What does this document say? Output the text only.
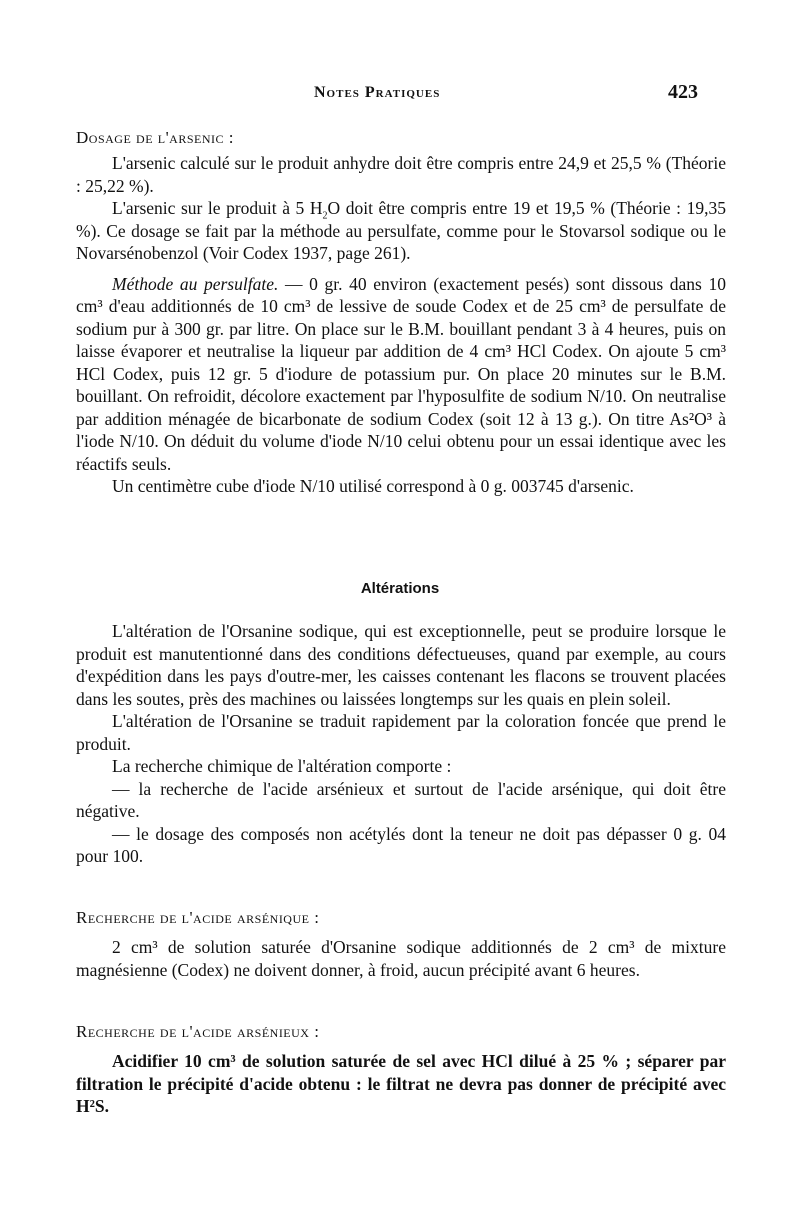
Notes Pratiques	423
Dosage de l'arsenic :

L'arsenic calculé sur le produit anhydre doit être compris entre 24,9 et 25,5 % (Théorie : 25,22 %).

L'arsenic sur le produit à 5 $H_2O$ doit être compris entre 19 et 19,5 % (Théorie : 19,35 %). Ce dosage se fait par la méthode au persulfate, comme pour le Stovarsol sodique ou le Novarsénobenzol (Voir Codex 1937, page 261).

Méthode au persulfate. — 0 gr. 40 environ (exactement pesés) sont dissous dans 10 cm³ d'eau additionnés de 10 cm³ de lessive de soude Codex et de 25 cm³ de persulfate de sodium pur à 300 gr. par litre. On place sur le B.M. bouillant pendant 3 à 4 heures, puis on laisse évaporer et neutralise la liqueur par addition de 4 cm³ HCl Codex. On ajoute 5 cm³ HCl Codex, puis 12 gr. 5 d'iodure de potassium pur. On place 20 minutes sur le B.M. bouillant. On refroidit, décolore exactement par l'hyposulfite de sodium N/10. On neutralise par addition ménagée de bicarbonate de sodium Codex (soit 12 à 13 g.). On titre As²O³ à l'iode N/10. On déduit du volume d'iode N/10 celui obtenu pour un essai identique avec les réactifs seuls.

Un centimètre cube d'iode N/10 utilisé correspond à 0 g. 003745 d'arsenic.

Altérations

L'altération de l'Orsanine sodique, qui est exceptionnelle, peut se produire lorsque le produit est manutentionné dans des conditions défectueuses, quand par exemple, au cours d'expédition dans les pays d'outre-mer, les caisses contenant les flacons se trouvent placées dans les soutes, près des machines ou laissées longtemps sur les quais en plein soleil.

L'altération de l'Orsanine se traduit rapidement par la coloration foncée que prend le produit.

La recherche chimique de l'altération comporte :

— la recherche de l'acide arsénieux et surtout de l'acide arsénique, qui doit être négative.

— le dosage des composés non acétylés dont la teneur ne doit pas dépasser 0 g. 04 pour 100.

Recherche de l'acide arsénique :

2 cm³ de solution saturée d'Orsanine sodique additionnés de 2 cm³ de mixture magnésienne (Codex) ne doivent donner, à froid, aucun précipité avant 6 heures.

Recherche de l'acide arsénieux :

Acidifier 10 cm³ de solution saturée de sel avec HCl dilué à 25 % ; séparer par filtration le précipité d'acide obtenu : le filtrat ne devra pas donner de précipité avec H²S.
